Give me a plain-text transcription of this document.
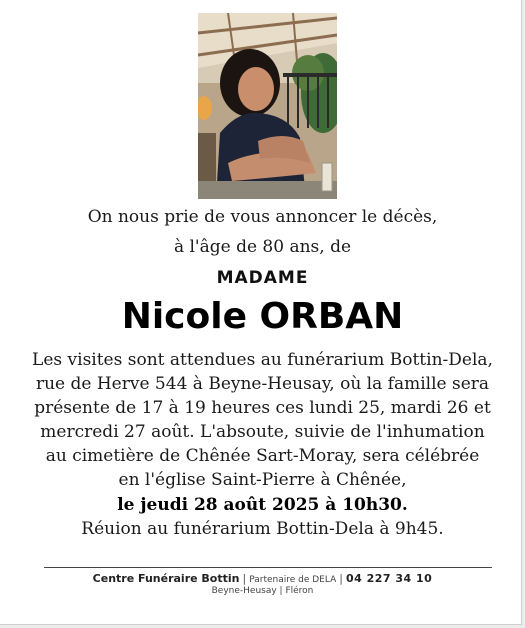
On nous prie de vous annoncer le décès,
à l'âge de 80 ans, de
MADAME
Nicole ORBAN
Les visites sont attendues au funérarium Bottin-Dela,
rue de Herve 544 à Beyne-Heusay, où la famille sera
présente de 17 à 19 heures ces lundi 25, mardi 26 et
mercredi 27 août. L'absoute, suivie de l'inhumation
au cimetière de Chênée Sart-Moray, sera célébrée
en l'église Saint-Pierre à Chênée,
le jeudi 28 août 2025 à 10h30.
Réuion au funérarium Bottin-Dela à 9h45.
Centre Funéraire Bottin | Partenaire de DELA | 04 227 34 10
Beyne-Heusay | Fléron
